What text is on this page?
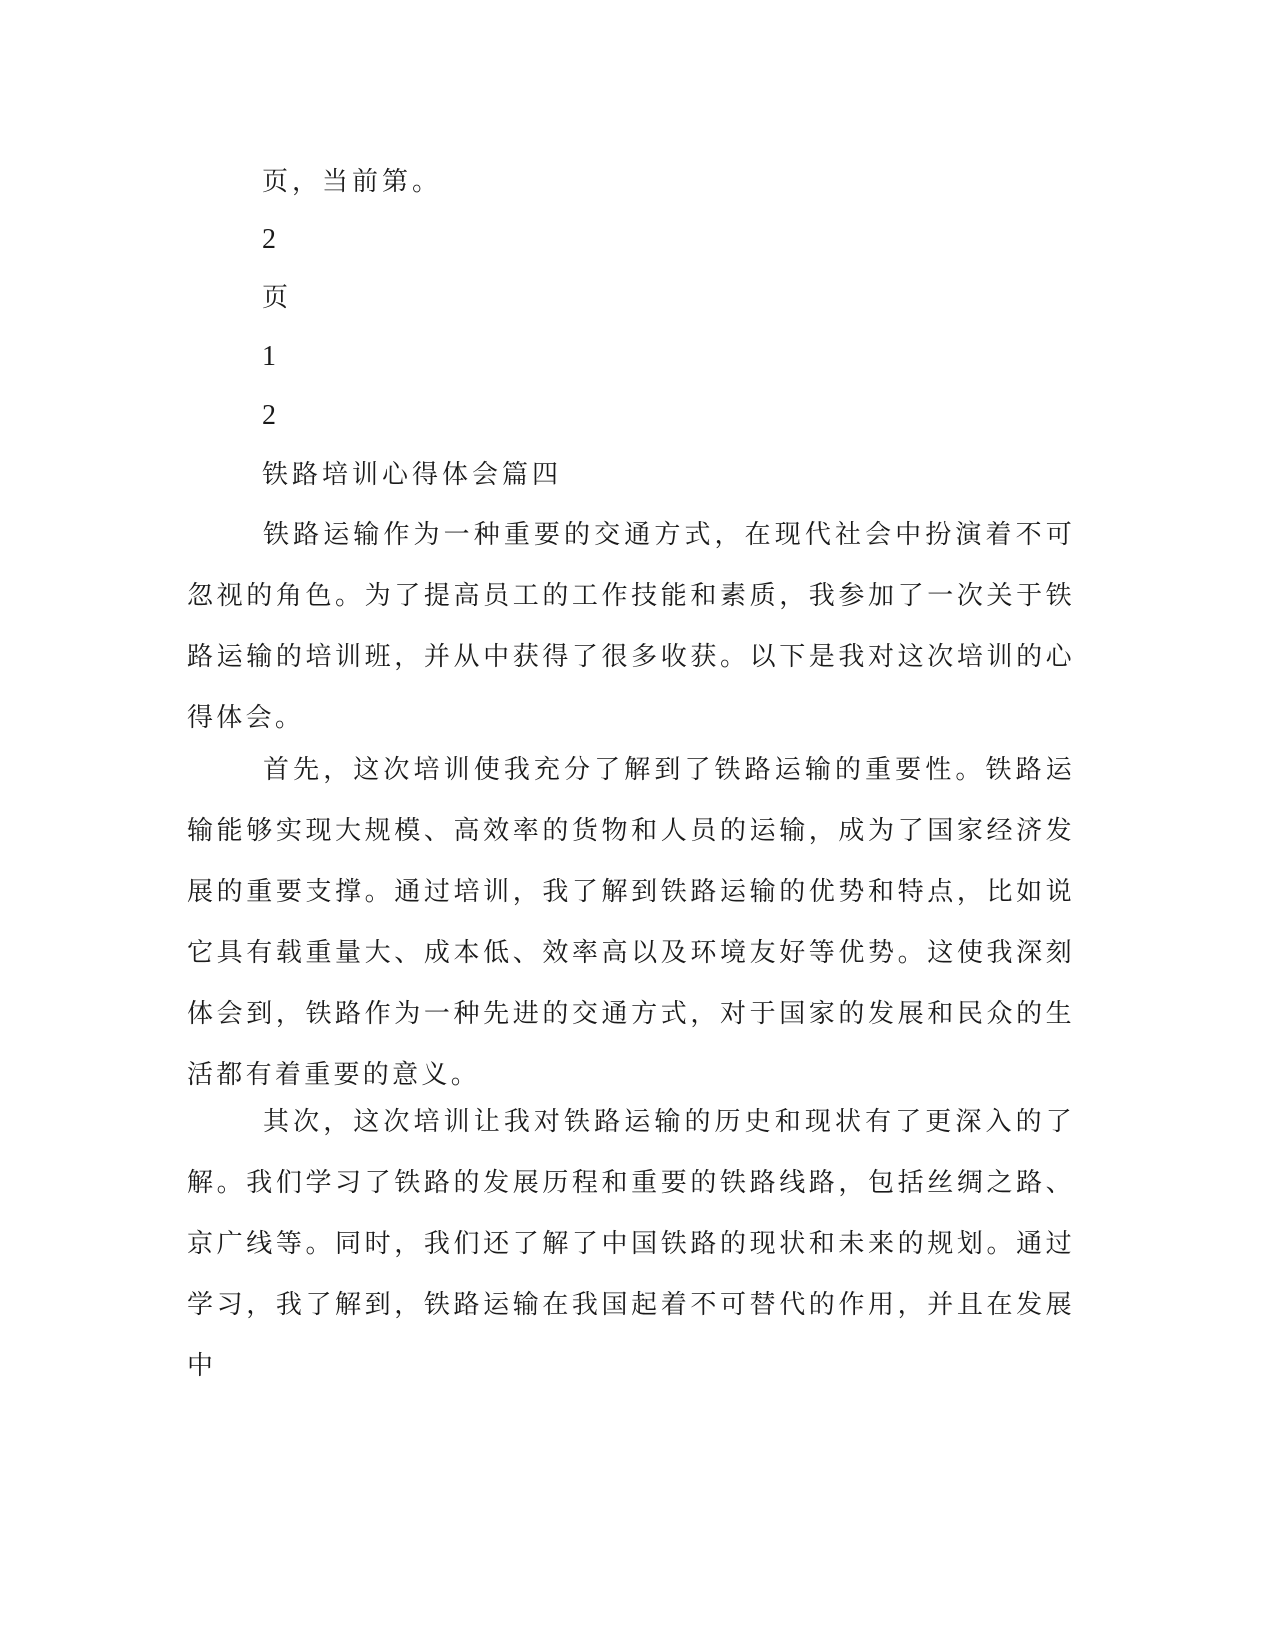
页，当前第。
2
页
1
2
铁路培训心得体会篇四

铁路运输作为一种重要的交通方式，在现代社会中扮演着不可忽视的角色。为了提高员工的工作技能和素质，我参加了一次关于铁路运输的培训班，并从中获得了很多收获。以下是我对这次培训的心得体会。

首先，这次培训使我充分了解到了铁路运输的重要性。铁路运输能够实现大规模、高效率的货物和人员的运输，成为了国家经济发展的重要支撑。通过培训，我了解到铁路运输的优势和特点，比如说它具有载重量大、成本低、效率高以及环境友好等优势。这使我深刻体会到，铁路作为一种先进的交通方式，对于国家的发展和民众的生活都有着重要的意义。

其次，这次培训让我对铁路运输的历史和现状有了更深入的了解。我们学习了铁路的发展历程和重要的铁路线路，包括丝绸之路、京广线等。同时，我们还了解了中国铁路的现状和未来的规划。通过学习，我了解到，铁路运输在我国起着不可替代的作用，并且在发展中
